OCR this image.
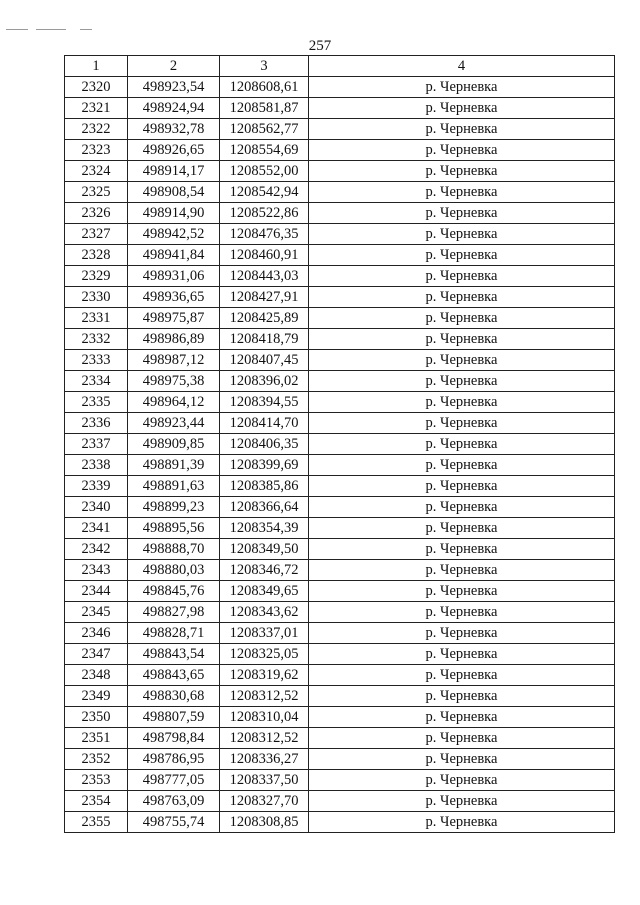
257
1	2	3	4
2320	498923,54	1208608,61	р. Черневка
2321	498924,94	1208581,87	р. Черневка
2322	498932,78	1208562,77	р. Черневка
2323	498926,65	1208554,69	р. Черневка
2324	498914,17	1208552,00	р. Черневка
2325	498908,54	1208542,94	р. Черневка
2326	498914,90	1208522,86	р. Черневка
2327	498942,52	1208476,35	р. Черневка
2328	498941,84	1208460,91	р. Черневка
2329	498931,06	1208443,03	р. Черневка
2330	498936,65	1208427,91	р. Черневка
2331	498975,87	1208425,89	р. Черневка
2332	498986,89	1208418,79	р. Черневка
2333	498987,12	1208407,45	р. Черневка
2334	498975,38	1208396,02	р. Черневка
2335	498964,12	1208394,55	р. Черневка
2336	498923,44	1208414,70	р. Черневка
2337	498909,85	1208406,35	р. Черневка
2338	498891,39	1208399,69	р. Черневка
2339	498891,63	1208385,86	р. Черневка
2340	498899,23	1208366,64	р. Черневка
2341	498895,56	1208354,39	р. Черневка
2342	498888,70	1208349,50	р. Черневка
2343	498880,03	1208346,72	р. Черневка
2344	498845,76	1208349,65	р. Черневка
2345	498827,98	1208343,62	р. Черневка
2346	498828,71	1208337,01	р. Черневка
2347	498843,54	1208325,05	р. Черневка
2348	498843,65	1208319,62	р. Черневка
2349	498830,68	1208312,52	р. Черневка
2350	498807,59	1208310,04	р. Черневка
2351	498798,84	1208312,52	р. Черневка
2352	498786,95	1208336,27	р. Черневка
2353	498777,05	1208337,50	р. Черневка
2354	498763,09	1208327,70	р. Черневка
2355	498755,74	1208308,85	р. Черневка
